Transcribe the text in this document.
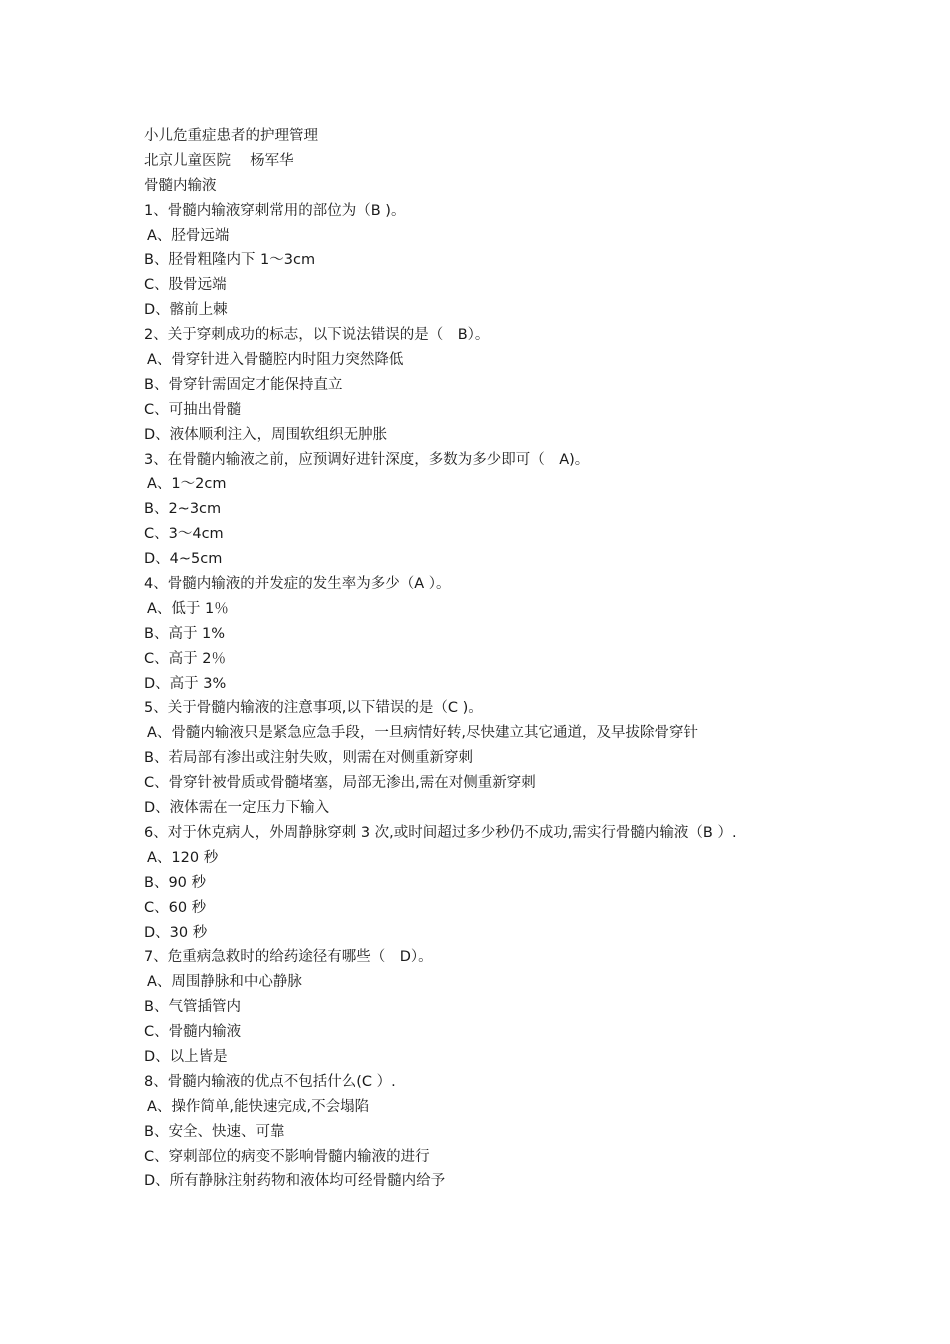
小儿危重症患者的护理管理
北京儿童医院　 杨军华
骨髓内输液
1、骨髓内输液穿刺常用的部位为（B )。
A、胫骨远端
B、胫骨粗隆内下 1～3cm
C、股骨远端
D、髂前上棘
2、关于穿刺成功的标志，以下说法错误的是（　B）。
A、骨穿针进入骨髓腔内时阻力突然降低
B、骨穿针需固定才能保持直立
C、可抽出骨髓
D、液体顺利注入，周围软组织无肿胀
3、在骨髓内输液之前，应预调好进针深度，多数为多少即可（　A)。
A、1～2cm
B、2~3cm
C、3～4cm
D、4~5cm
4、骨髓内输液的并发症的发生率为多少（A ）。
A、低于 1％
B、高于 1%
C、高于 2％
D、高于 3%
5、关于骨髓内输液的注意事项,以下错误的是（C )。
A、骨髓内输液只是紧急应急手段，一旦病情好转,尽快建立其它通道，及早拔除骨穿针
B、若局部有渗出或注射失败，则需在对侧重新穿刺
C、骨穿针被骨质或骨髓堵塞，局部无渗出,需在对侧重新穿刺
D、液体需在一定压力下输入
6、对于休克病人，外周静脉穿刺 3 次,或时间超过多少秒仍不成功,需实行骨髓内输液（B ）.
A、120 秒
B、90 秒
C、60 秒
D、30 秒
7、危重病急救时的给药途径有哪些（　D）。
A、周围静脉和中心静脉
B、气管插管内
C、骨髓内输液
D、以上皆是
8、骨髓内输液的优点不包括什么(C ）.
A、操作简单,能快速完成,不会塌陷
B、安全、快速、可靠
C、穿刺部位的病变不影响骨髓内输液的进行
D、所有静脉注射药物和液体均可经骨髓内给予
